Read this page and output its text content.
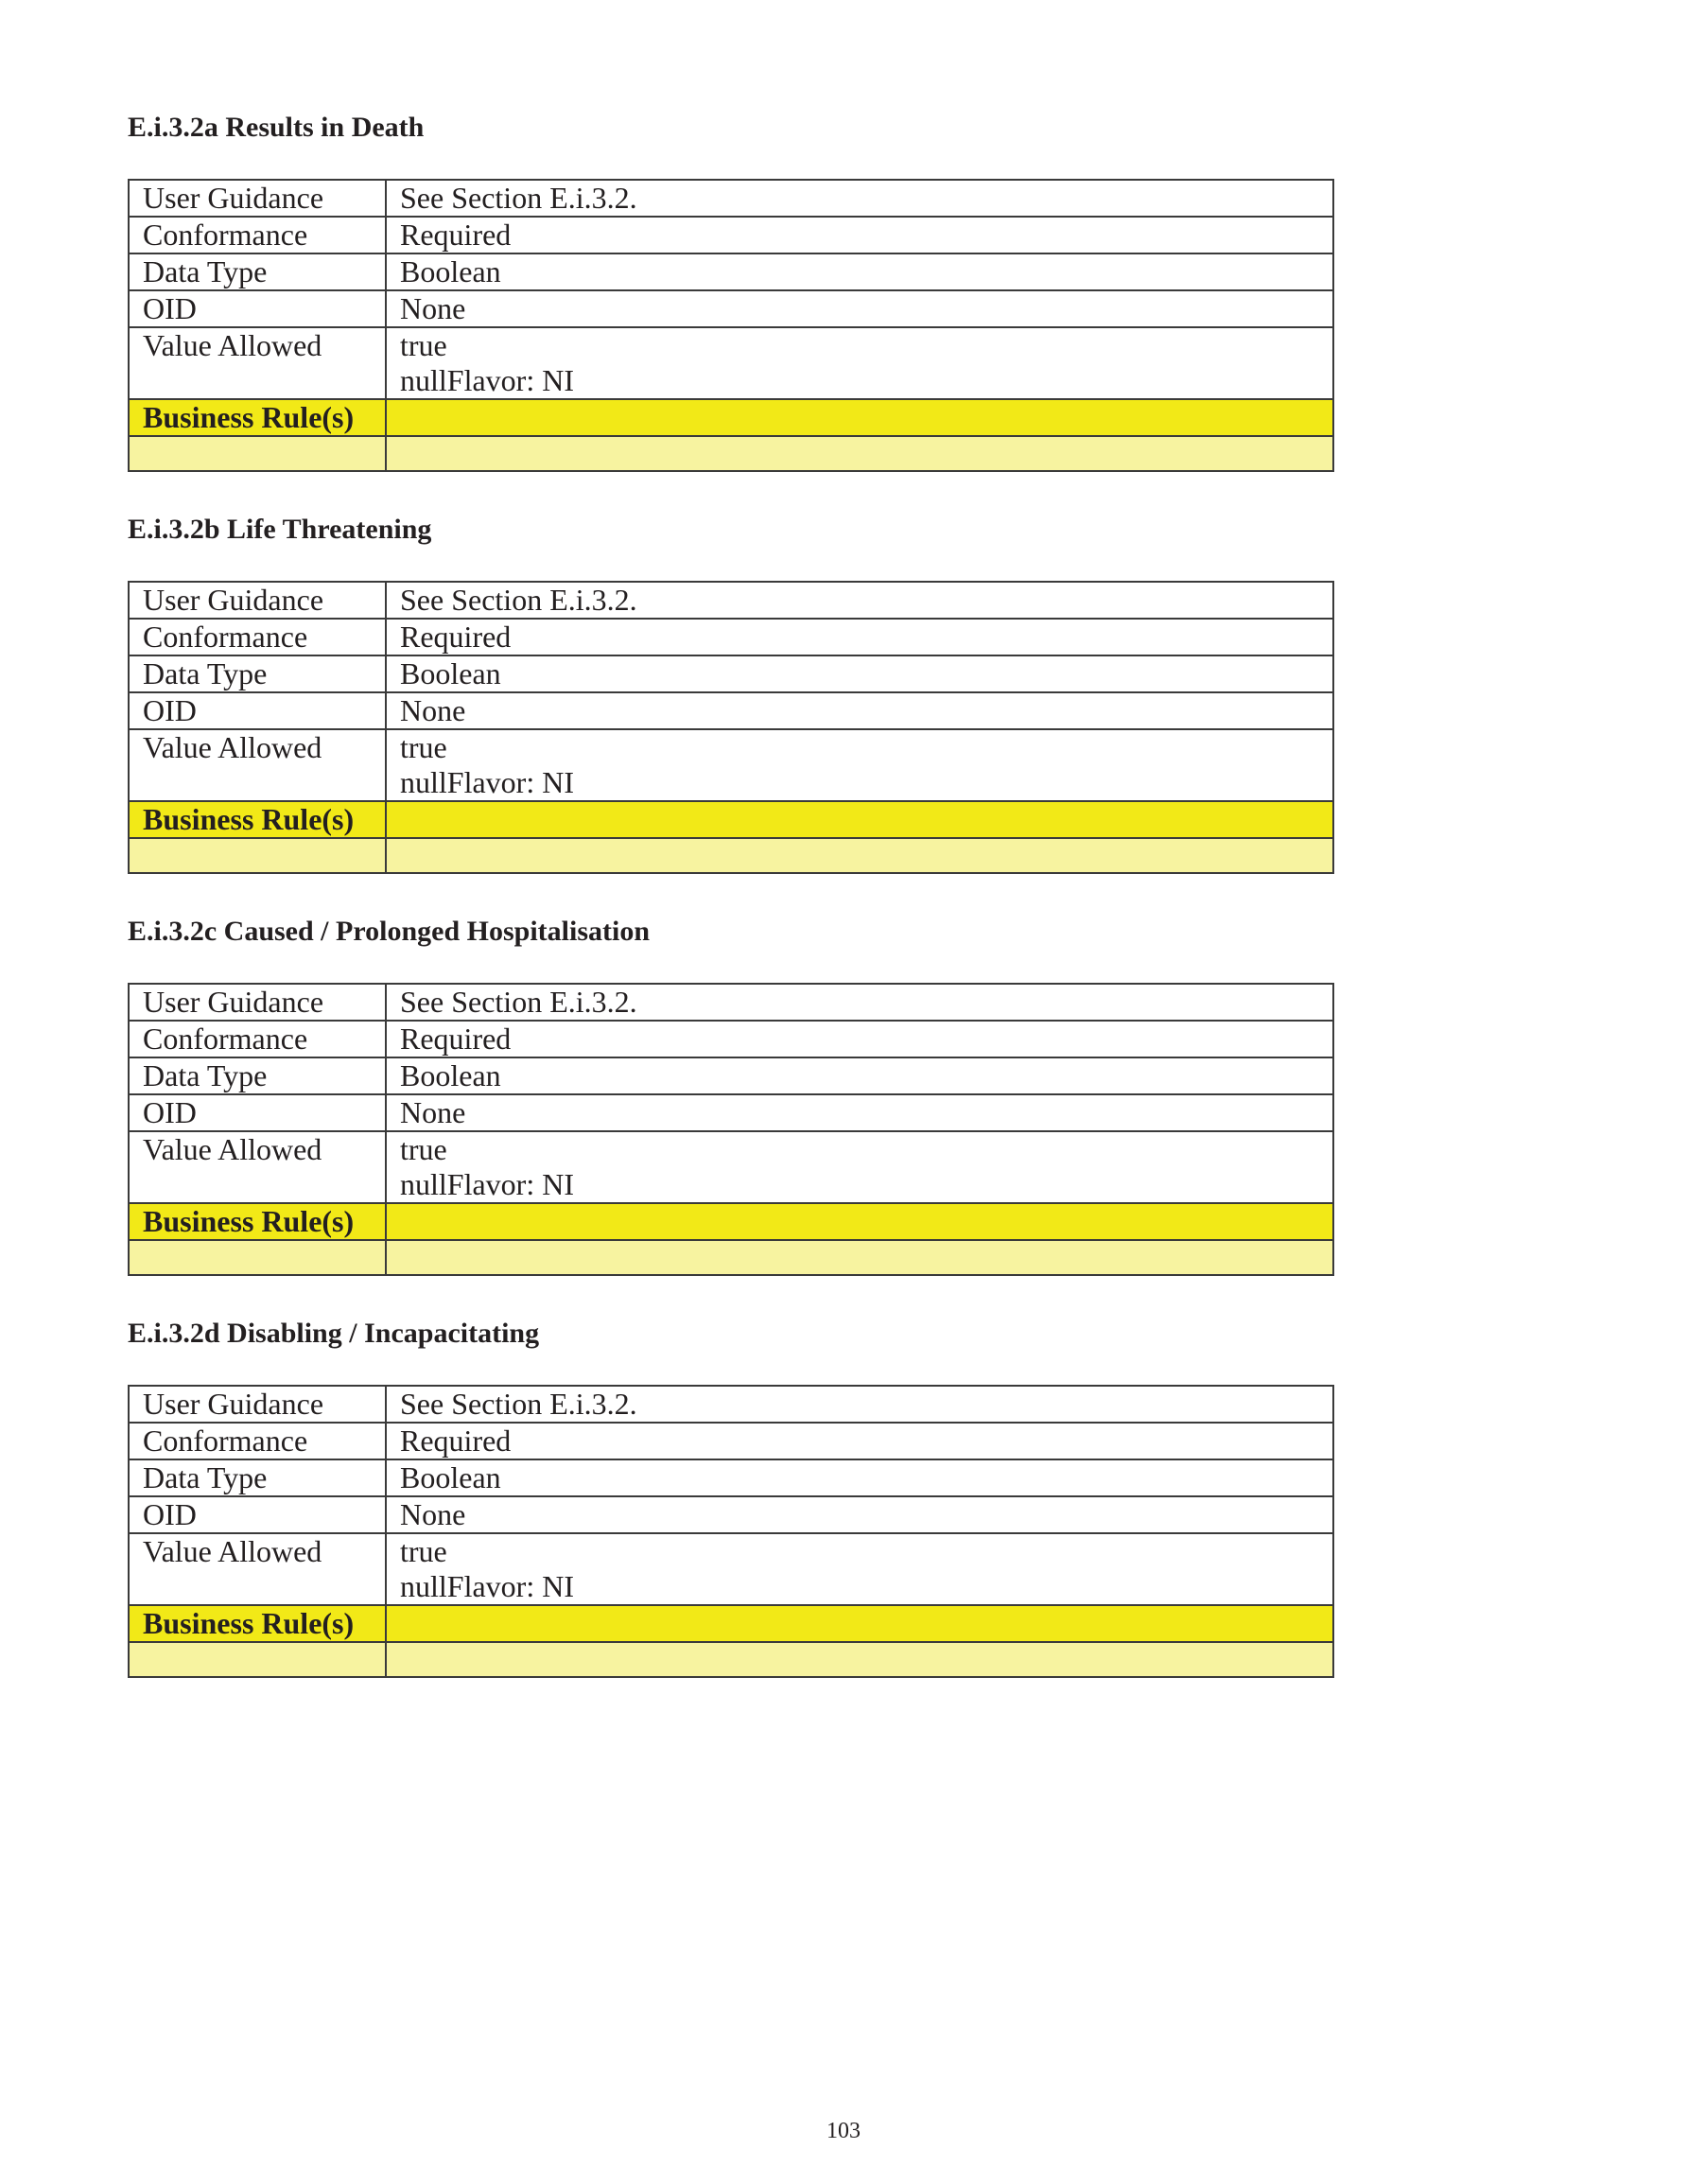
E.i.3.2a Results in Death
User Guidance	See Section E.i.3.2.
Conformance	Required
Data Type	Boolean
OID	None
Value Allowed	true
nullFlavor: NI

Business Rule(s)	

E.i.3.2b Life Threatening
User Guidance	See Section E.i.3.2.
Conformance	Required
Data Type	Boolean
OID	None
Value Allowed	true
nullFlavor: NI

Business Rule(s)	

E.i.3.2c Caused / Prolonged Hospitalisation
User Guidance	See Section E.i.3.2.
Conformance	Required
Data Type	Boolean
OID	None
Value Allowed	true
nullFlavor: NI

Business Rule(s)	

E.i.3.2d Disabling / Incapacitating
User Guidance	See Section E.i.3.2.
Conformance	Required
Data Type	Boolean
OID	None
Value Allowed	true
nullFlavor: NI

Business Rule(s)	

103
